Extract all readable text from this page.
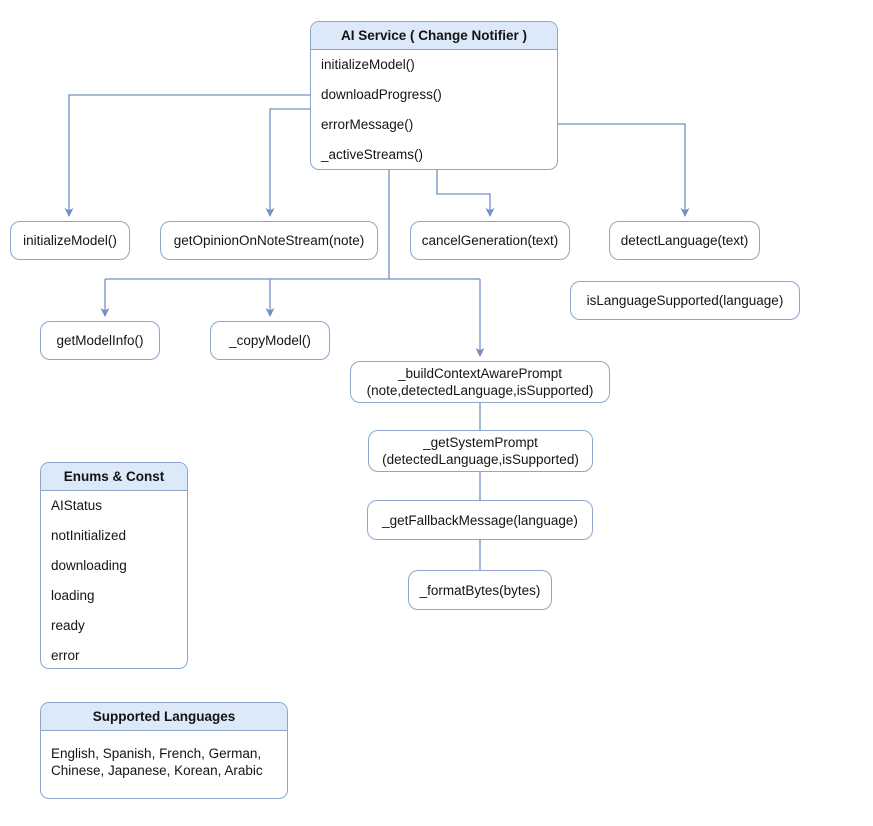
AI Service ( Change Notifier )
initializeModel()
downloadProgress()
errorMessage()
_activeStreams()
initializeModel()	getOpinionOnNoteStream(note)	cancelGeneration(text)	detectLanguage(text)
isLanguageSupported(language)
getModelInfo()	_copyModel()
_buildContextAwarePrompt
(note,detectedLanguage,isSupported)
_getSystemPrompt
(detectedLanguage,isSupported)
_getFallbackMessage(language)
_formatBytes(bytes)
Enums & Const
AIStatus
notInitialized
downloading
loading
ready
error
Supported Languages
English, Spanish, French, German, Chinese, Japanese, Korean, Arabic
